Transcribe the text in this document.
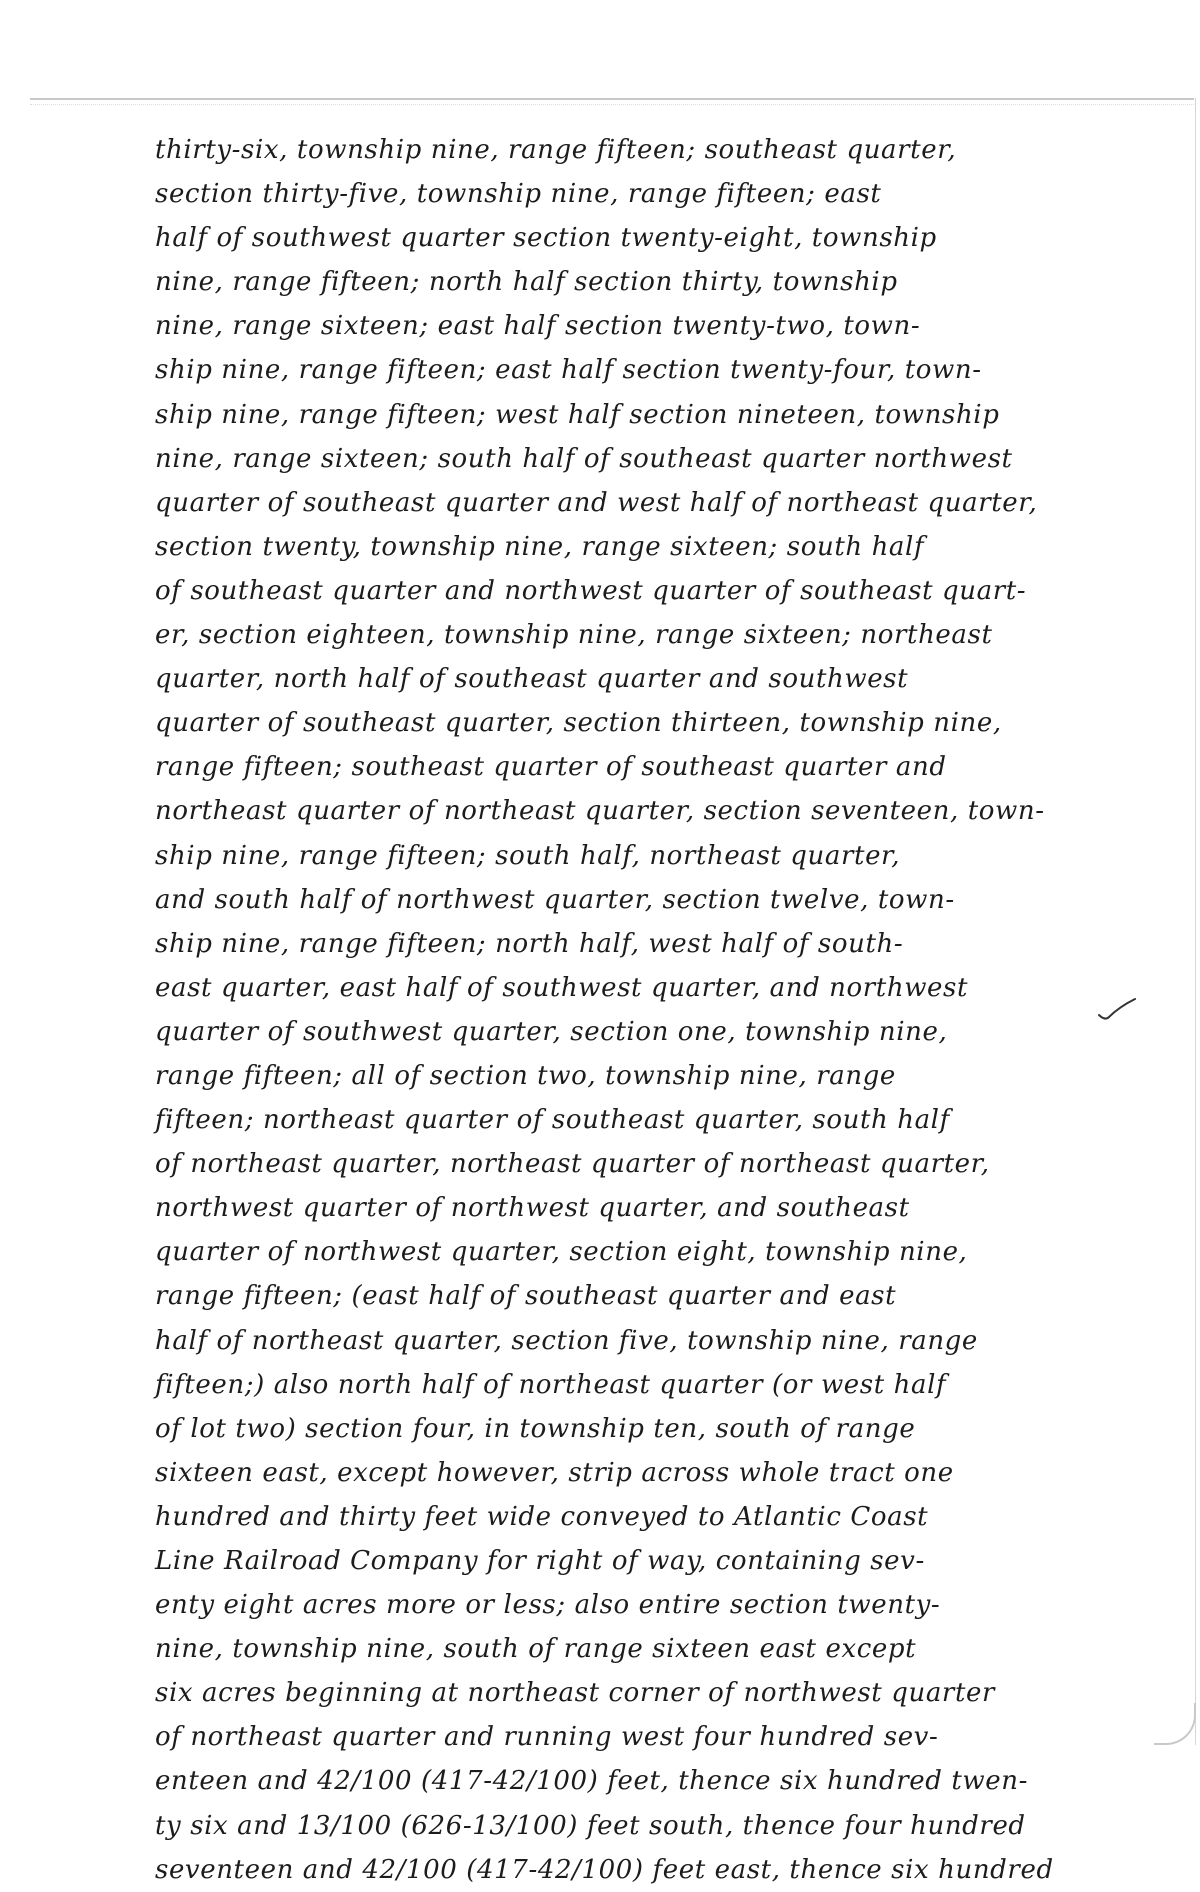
thirty-six, township nine, range fifteen; southeast quarter,
section thirty-five, township nine, range fifteen; east
half of southwest quarter section twenty-eight, township
nine, range fifteen; north half section thirty, township
nine, range sixteen; east half section twenty-two, town-
ship nine, range fifteen; east half section twenty-four, town-
ship nine, range fifteen; west half section nineteen, township
nine, range sixteen; south half of southeast quarter northwest
quarter of southeast quarter and west half of northeast quarter,
section twenty, township nine, range sixteen; south half
of southeast quarter and northwest quarter of southeast quart-
er, section eighteen, township nine, range sixteen; northeast
quarter, north half of southeast quarter and southwest
quarter of southeast quarter, section thirteen, township nine,
range fifteen; southeast quarter of southeast quarter and
northeast quarter of northeast quarter, section seventeen, town-
ship nine, range fifteen; south half, northeast quarter,
and south half of northwest quarter, section twelve, town-
ship nine, range fifteen; north half, west half of south-
east quarter, east half of southwest quarter, and northwest
quarter of southwest quarter, section one, township nine,
range fifteen; all of section two, township nine, range
fifteen; northeast quarter of southeast quarter, south half
of northeast quarter, northeast quarter of northeast quarter,
northwest quarter of northwest quarter, and southeast
quarter of northwest quarter, section eight, township nine,
range fifteen; (east half of southeast quarter and east
half of northeast quarter, section five, township nine, range
fifteen;) also north half of northeast quarter (or west half
of lot two) section four, in township ten, south of range
sixteen east, except however, strip across whole tract one
hundred and thirty feet wide conveyed to Atlantic Coast
Line Railroad Company for right of way, containing sev-
enty eight acres more or less; also entire section twenty-
nine, township nine, south of range sixteen east except
six acres beginning at northeast corner of northwest quarter
of northeast quarter and running west four hundred sev-
enteen and 42/100 (417-42/100) feet, thence six hundred twen-
ty six and 13/100 (626-13/100) feet south, thence four hundred
seventeen and 42/100 (417-42/100) feet east, thence six hundred
